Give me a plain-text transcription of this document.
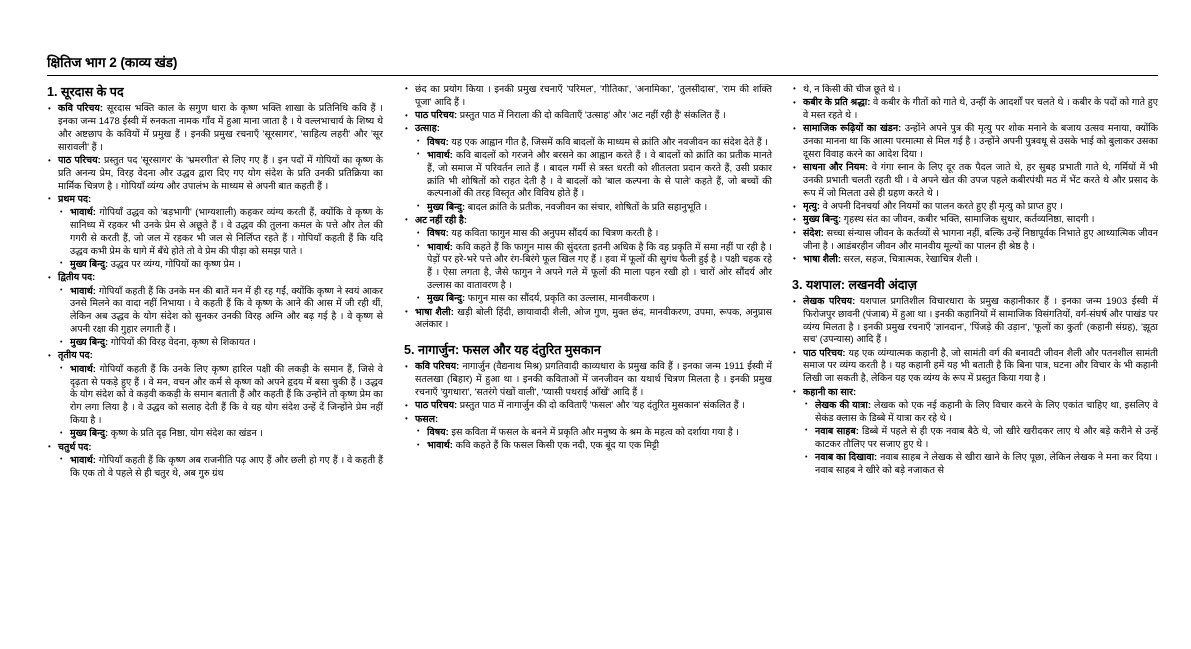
क्षितिज भाग 2 (काव्य खंड)
1. सूरदास के पद
• कवि परिचय: सूरदास भक्ति काल के सगुण धारा के कृष्ण भक्ति शाखा के प्रतिनिधि कवि हैं । इनका जन्म 1478 ईस्वी में रुनकता नामक गाँव में हुआ माना जाता है । ये वल्लभाचार्य के शिष्य थे और अष्टछाप के कवियों में प्रमुख हैं । इनकी प्रमुख रचनाएँ 'सूरसागर', 'साहित्य लहरी' और 'सूर सारावली' हैं ।
• पाठ परिचय: प्रस्तुत पद 'सूरसागर' के 'भ्रमरगीत' से लिए गए हैं । इन पदों में गोपियों का कृष्ण के प्रति अनन्य प्रेम, विरह वेदना और उद्धव द्वारा दिए गए योग संदेश के प्रति उनकी प्रतिक्रिया का मार्मिक चित्रण है । गोपियाँ व्यंग्य और उपालंभ के माध्यम से अपनी बात कहती हैं ।
• प्रथम पद:
• भावार्थ: गोपियाँ उद्धव को 'बड़भागी' (भाग्यशाली) कहकर व्यंग्य करती हैं, क्योंकि वे कृष्ण के सानिध्य में रहकर भी उनके प्रेम से अछूते हैं । वे उद्धव की तुलना कमल के पत्ते और तेल की गगरी से करती हैं, जो जल में रहकर भी जल से निर्लिप्त रहते हैं । गोपियाँ कहती हैं कि यदि उद्धव कभी प्रेम के धागे में बँधे होते तो वे प्रेम की पीड़ा को समझ पाते ।
• मुख्य बिन्दु: उद्धव पर व्यंग्य, गोपियों का कृष्ण प्रेम ।
• द्वितीय पद:
• भावार्थ: गोपियाँ कहती हैं कि उनके मन की बातें मन में ही रह गईं, क्योंकि कृष्ण ने स्वयं आकर उनसे मिलने का वादा नहीं निभाया । वे कहती हैं कि वे कृष्ण के आने की आस में जी रही थीं, लेकिन अब उद्धव के योग संदेश को सुनकर उनकी विरह अग्नि और बढ़ गई है । वे कृष्ण से अपनी रक्षा की गुहार लगाती हैं ।
• मुख्य बिन्दु: गोपियों की विरह वेदना, कृष्ण से शिकायत ।
• तृतीय पद:
• भावार्थ: गोपियाँ कहती हैं कि उनके लिए कृष्ण हारिल पक्षी की लकड़ी के समान हैं, जिसे वे दृढ़ता से पकड़े हुए हैं । वे मन, वचन और कर्म से कृष्ण को अपने हृदय में बसा चुकी हैं । उद्धव के योग संदेश को वे कड़वी ककड़ी के समान बताती हैं और कहती हैं कि उन्होंने तो कृष्ण प्रेम का रोग लगा लिया है । वे उद्धव को सलाह देती हैं कि वे यह योग संदेश उन्हें दें जिन्होंने प्रेम नहीं किया है ।
• मुख्य बिन्दु: कृष्ण के प्रति दृढ़ निष्ठा, योग संदेश का खंडन ।
• चतुर्थ पद:
• भावार्थ: गोपियाँ कहती हैं कि कृष्ण अब राजनीति पढ़ आए हैं और छली हो गए हैं । वे कहती हैं कि एक तो वे पहले से ही चतुर थे, अब गुरु ग्रंथ
• छंद का प्रयोग किया । इनकी प्रमुख रचनाएँ 'परिमल', 'गीतिका', 'अनामिका', 'तुलसीदास', 'राम की शक्ति पूजा' आदि हैं ।
• पाठ परिचय: प्रस्तुत पाठ में निराला की दो कविताएँ 'उत्साह' और 'अट नहीं रही है' संकलित हैं ।
• उत्साह:
• विषय: यह एक आह्वान गीत है, जिसमें कवि बादलों के माध्यम से क्रांति और नवजीवन का संदेश देते हैं ।
• भावार्थ: कवि बादलों को गरजने और बरसने का आह्वान करते हैं । वे बादलों को क्रांति का प्रतीक मानते हैं, जो समाज में परिवर्तन लाते हैं । बादल गर्मी से त्रस्त धरती को शीतलता प्रदान करते हैं, उसी प्रकार क्रांति भी शोषितों को राहत देती है । वे बादलों को 'बाल कल्पना के से पाले' कहते हैं, जो बच्चों की कल्पनाओं की तरह विस्तृत और विविध होते हैं ।
• मुख्य बिन्दु: बादल क्रांति के प्रतीक, नवजीवन का संचार, शोषितों के प्रति सहानुभूति ।
• अट नहीं रही है:
• विषय: यह कविता फागुन मास की अनुपम सौंदर्य का चित्रण करती है ।
• भावार्थ: कवि कहते हैं कि फागुन मास की सुंदरता इतनी अधिक है कि वह प्रकृति में समा नहीं पा रही है । पेड़ों पर हरे-भरे पत्ते और रंग-बिरंगे फूल खिल गए हैं । हवा में फूलों की सुगंध फैली हुई है । पक्षी चहक रहे हैं । ऐसा लगता है, जैसे फागुन ने अपने गले में फूलों की माला पहन रखी हो । चारों ओर सौंदर्य और उल्लास का वातावरण है ।
• मुख्य बिन्दु: फागुन मास का सौंदर्य, प्रकृति का उल्लास, मानवीकरण ।
• भाषा शैली: खड़ी बोली हिंदी, छायावादी शैली, ओज गुण, मुक्त छंद, मानवीकरण, उपमा, रूपक, अनुप्रास अलंकार ।
5. नागार्जुन: फसल और यह दंतुरित मुसकान
• कवि परिचय: नागार्जुन (वैद्यनाथ मिश्र) प्रगतिवादी काव्यधारा के प्रमुख कवि हैं । इनका जन्म 1911 ईस्वी में सतलखा (बिहार) में हुआ था । इनकी कविताओं में जनजीवन का यथार्थ चित्रण मिलता है । इनकी प्रमुख रचनाएँ 'युगधारा', 'सतरंगे पंखों वाली', 'प्यासी पथराई आँखें' आदि हैं ।
• पाठ परिचय: प्रस्तुत पाठ में नागार्जुन की दो कविताएँ 'फसल' और 'यह दंतुरित मुसकान' संकलित हैं ।
• फसल:
• विषय: इस कविता में फसल के बनने में प्रकृति और मनुष्य के श्रम के महत्व को दर्शाया गया है ।
• भावार्थ: कवि कहते हैं कि फसल किसी एक नदी, एक बूंद या एक मिट्टी
• थे, न किसी की चीज छूते थे ।
• कबीर के प्रति श्रद्धा: वे कबीर के गीतों को गाते थे, उन्हीं के आदर्शों पर चलते थे । कबीर के पदों को गाते हुए वे मस्त रहते थे ।
• सामाजिक रूढ़ियों का खंडन: उन्होंने अपने पुत्र की मृत्यु पर शोक मनाने के बजाय उत्सव मनाया, क्योंकि उनका मानना था कि आत्मा परमात्मा से मिल गई है । उन्होंने अपनी पुत्रवधू से उसके भाई को बुलाकर उसका दूसरा विवाह करने का आदेश दिया ।
• साधना और नियम: वे गंगा स्नान के लिए दूर तक पैदल जाते थे, हर सुबह प्रभाती गाते थे, गर्मियों में भी उनकी प्रभाती चलती रहती थी । वे अपने खेत की उपज पहले कबीरपंथी मठ में भेंट करते थे और प्रसाद के रूप में जो मिलता उसे ही ग्रहण करते थे ।
• मृत्यु: वे अपनी दिनचर्या और नियमों का पालन करते हुए ही मृत्यु को प्राप्त हुए ।
• मुख्य बिन्दु: गृहस्थ संत का जीवन, कबीर भक्ति, सामाजिक सुधार, कर्तव्यनिष्ठा, सादगी ।
• संदेश: सच्चा संन्यास जीवन के कर्तव्यों से भागना नहीं, बल्कि उन्हें निष्ठापूर्वक निभाते हुए आध्यात्मिक जीवन जीना है । आडंबरहीन जीवन और मानवीय मूल्यों का पालन ही श्रेष्ठ है ।
• भाषा शैली: सरल, सहज, चित्रात्मक, रेखाचित्र शैली ।
3. यशपाल: लखनवी अंदाज़
• लेखक परिचय: यशपाल प्रगतिशील विचारधारा के प्रमुख कहानीकार हैं । इनका जन्म 1903 ईस्वी में फिरोजपुर छावनी (पंजाब) में हुआ था । इनकी कहानियों में सामाजिक विसंगतियों, वर्ग-संघर्ष और पाखंड पर व्यंग्य मिलता है । इनकी प्रमुख रचनाएँ 'ज्ञानदान', 'पिंजड़े की उड़ान', 'फूलों का कुर्ता' (कहानी संग्रह), 'झूठा सच' (उपन्यास) आदि हैं ।
• पाठ परिचय: यह एक व्यंग्यात्मक कहानी है, जो सामंती वर्ग की बनावटी जीवन शैली और पतनशील सामंती समाज पर व्यंग्य करती है । यह कहानी हमें यह भी बताती है कि बिना पात्र, घटना और विचार के भी कहानी लिखी जा सकती है, लेकिन यह एक व्यंग्य के रूप में प्रस्तुत किया गया है ।
• कहानी का सार:
• लेखक की यात्रा: लेखक को एक नई कहानी के लिए विचार करने के लिए एकांत चाहिए था, इसलिए वे सेकंड क्लास के डिब्बे में यात्रा कर रहे थे ।
• नवाब साहब: डिब्बे में पहले से ही एक नवाब बैठे थे, जो खीरे खरीदकर लाए थे और बड़े करीने से उन्हें काटकर तौलिए पर सजाए हुए थे ।
• नवाब का दिखावा: नवाब साहब ने लेखक से खीरा खाने के लिए पूछा, लेकिन लेखक ने मना कर दिया । नवाब साहब ने खीरे को बड़े नजाकत से
